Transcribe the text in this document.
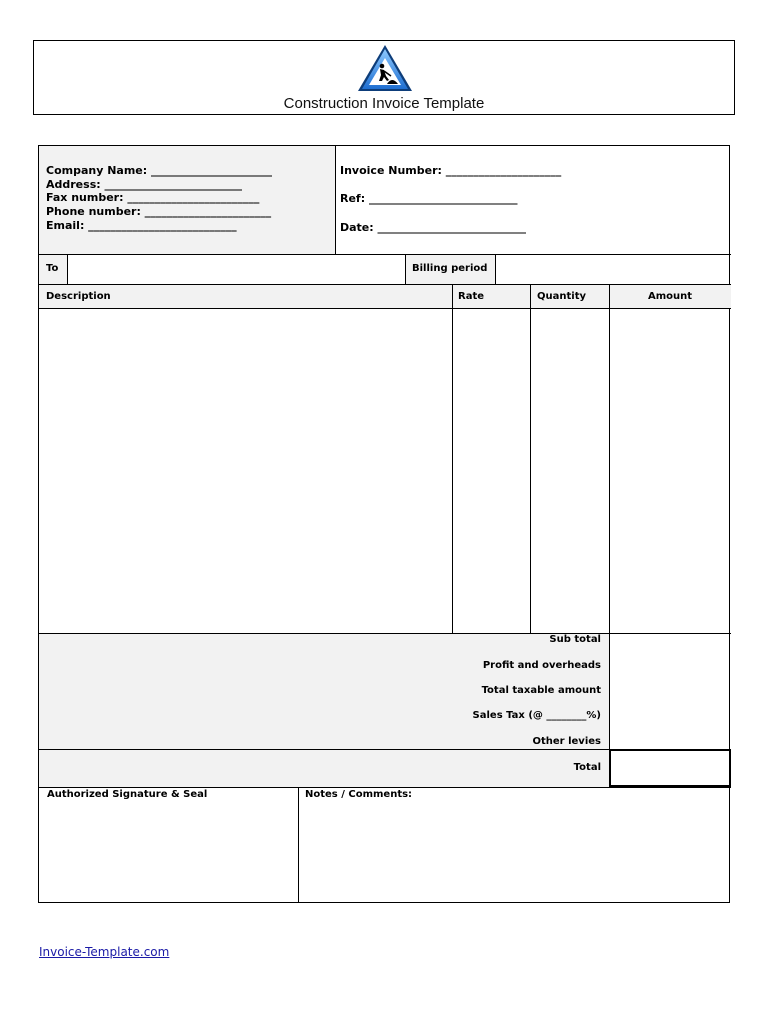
Construction Invoice Template
Company Name: ______________________
Address: _________________________
Fax number: ________________________
Phone number: _______________________
Email: ___________________________
Invoice Number: _____________________
Ref: ___________________________
Date: ___________________________
To	Billing period
Description	Rate	Quantity	Amount
Sub total
Profit and overheads
Total taxable amount
Sales Tax (@ ________%)
Other levies
Total
Authorized Signature & Seal	Notes / Comments:
Invoice-Template.com
